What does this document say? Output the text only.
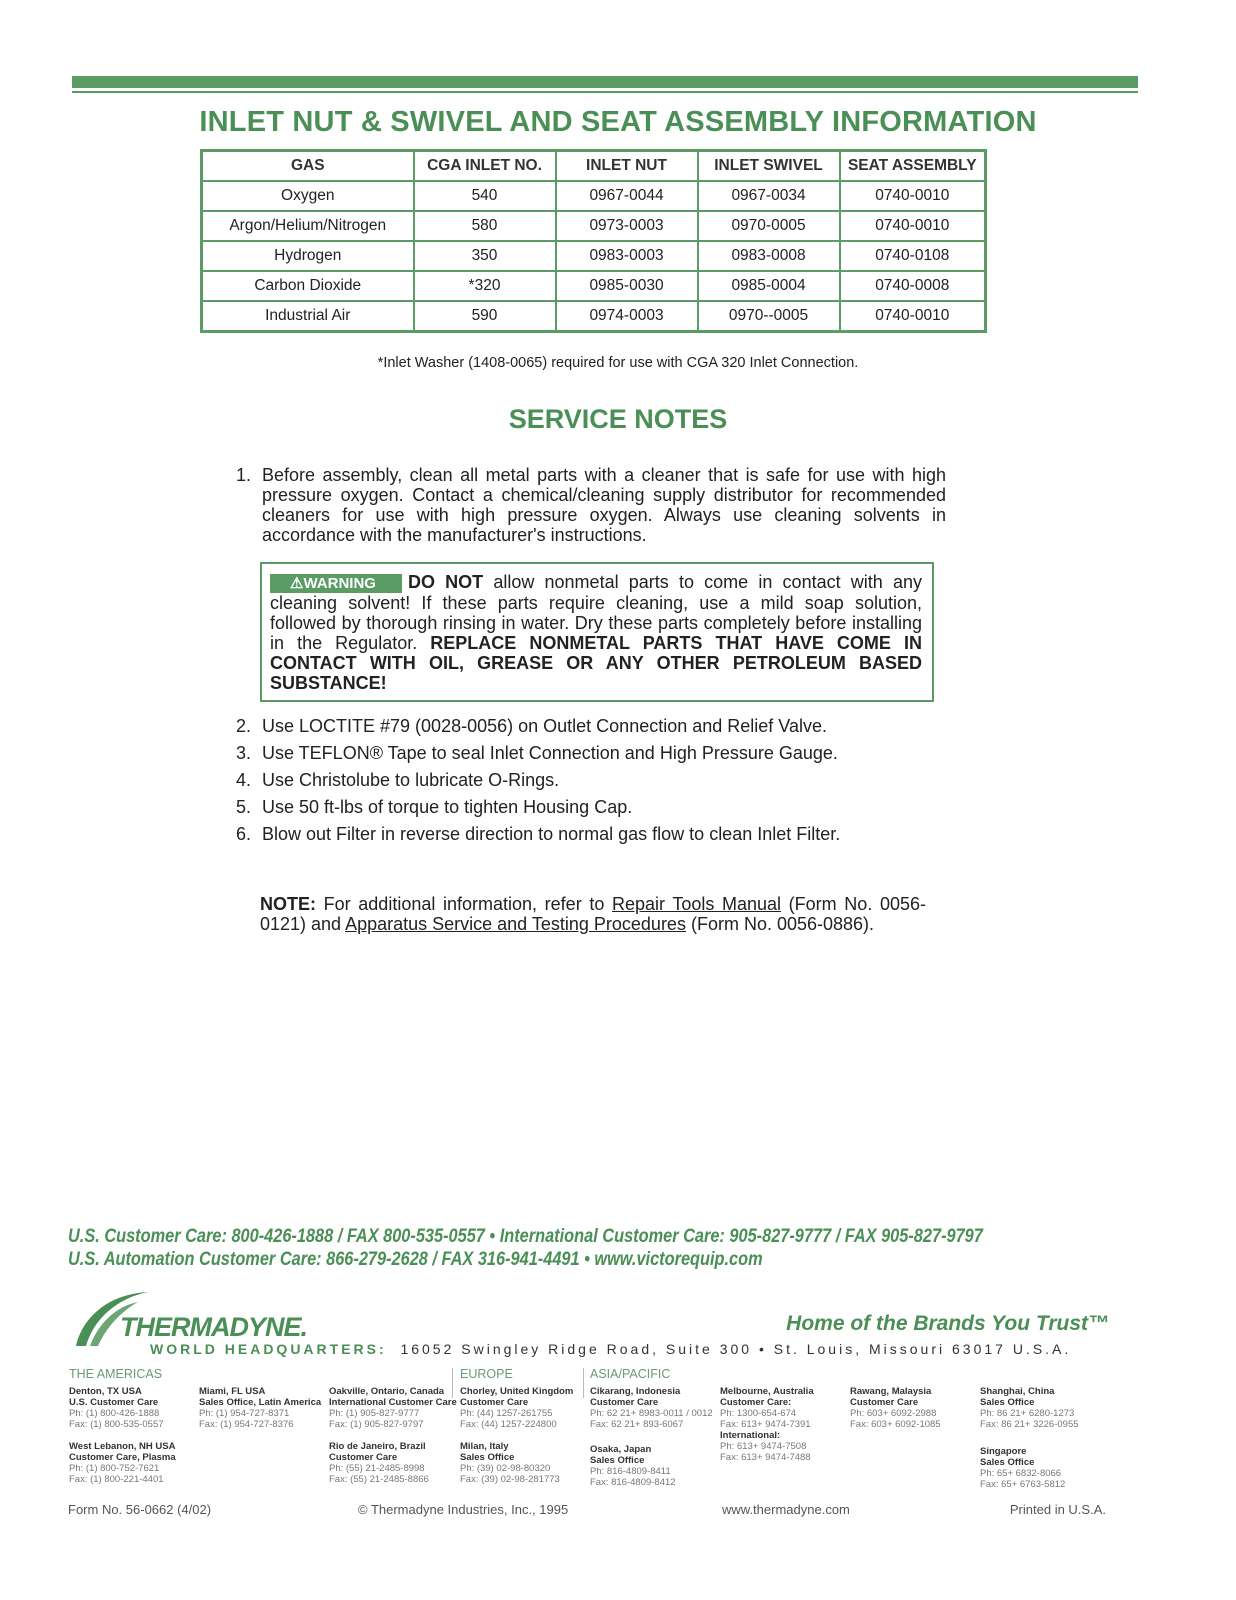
INLET NUT & SWIVEL AND SEAT ASSEMBLY INFORMATION
GAS	CGA INLET NO.	INLET NUT	INLET SWIVEL	SEAT ASSEMBLY
Oxygen	540	0967-0044	0967-0034	0740-0010
Argon/Helium/Nitrogen	580	0973-0003	0970-0005	0740-0010
Hydrogen	350	0983-0003	0983-0008	0740-0108
Carbon Dioxide	*320	0985-0030	0985-0004	0740-0008
Industrial Air	590	0974-0003	0970--0005	0740-0010
*Inlet Washer (1408-0065) required for use with CGA 320 Inlet Connection.
SERVICE NOTES
1. Before assembly, clean all metal parts with a cleaner that is safe for use with high pressure oxygen. Contact a chemical/cleaning supply distributor for recommended cleaners for use with high pressure oxygen. Always use cleaning solvents in accordance with the manufacturer's instructions.
⚠WARNING DO NOT allow nonmetal parts to come in contact with any cleaning solvent! If these parts require cleaning, use a mild soap solution, followed by thorough rinsing in water. Dry these parts completely before installing in the Regulator. REPLACE NONMETAL PARTS THAT HAVE COME IN CONTACT WITH OIL, GREASE OR ANY OTHER PETROLEUM BASED SUBSTANCE!
2. Use LOCTITE #79 (0028-0056) on Outlet Connection and Relief Valve.
3. Use TEFLON® Tape to seal Inlet Connection and High Pressure Gauge.
4. Use Christolube to lubricate O-Rings.
5. Use 50 ft-lbs of torque to tighten Housing Cap.
6. Blow out Filter in reverse direction to normal gas flow to clean Inlet Filter.
NOTE: For additional information, refer to Repair Tools Manual (Form No. 0056-0121) and Apparatus Service and Testing Procedures (Form No. 0056-0886).
U.S. Customer Care: 800-426-1888 / FAX 800-535-0557 • International Customer Care: 905-827-9777 / FAX 905-827-9797
U.S. Automation Customer Care: 866-279-2628 / FAX 316-941-4491 • www.victorequip.com
THERMADYNE.	Home of the Brands You Trust™
WORLD HEADQUARTERS: 16052 Swingley Ridge Road, Suite 300 • St. Louis, Missouri 63017 U.S.A.
THE AMERICAS	EUROPE	ASIA/PACIFIC
Denton, TX USA
U.S. Customer Care
Ph: (1) 800-426-1888
Fax: (1) 800-535-0557
West Lebanon, NH USA
Customer Care, Plasma
Ph: (1) 800-752-7621
Fax: (1) 800-221-4401
Miami, FL USA
Sales Office, Latin America
Ph: (1) 954-727-8371
Fax: (1) 954-727-8376
Oakville, Ontario, Canada
International Customer Care
Ph: (1) 905-827-9777
Fax: (1) 905-827-9797
Rio de Janeiro, Brazil
Customer Care
Ph: (55) 21-2485-8998
Fax: (55) 21-2485-8866
Chorley, United Kingdom
Customer Care
Ph: (44) 1257-261755
Fax: (44) 1257-224800
Milan, Italy
Sales Office
Ph: (39) 02-98-80320
Fax: (39) 02-98-281773
Cikarang, Indonesia
Customer Care
Ph: 62 21+ 8983-0011 / 0012
Fax: 62 21+ 893-6067
Osaka, Japan
Sales Office
Ph: 816-4809-8411
Fax: 816-4809-8412
Melbourne, Australia
Customer Care:
Ph: 1300-654-674
Fax: 613+ 9474-7391
International:
Ph: 613+ 9474-7508
Fax: 613+ 9474-7488
Rawang, Malaysia
Customer Care
Ph: 603+ 6092-2988
Fax: 603+ 6092-1085
Shanghai, China
Sales Office
Ph: 86 21+ 6280-1273
Fax: 86 21+ 3226-0955
Singapore
Sales Office
Ph: 65+ 6832-8066
Fax: 65+ 6763-5812
Form No. 56-0662 (4/02)	© Thermadyne Industries, Inc., 1995	www.thermadyne.com	Printed in U.S.A.
